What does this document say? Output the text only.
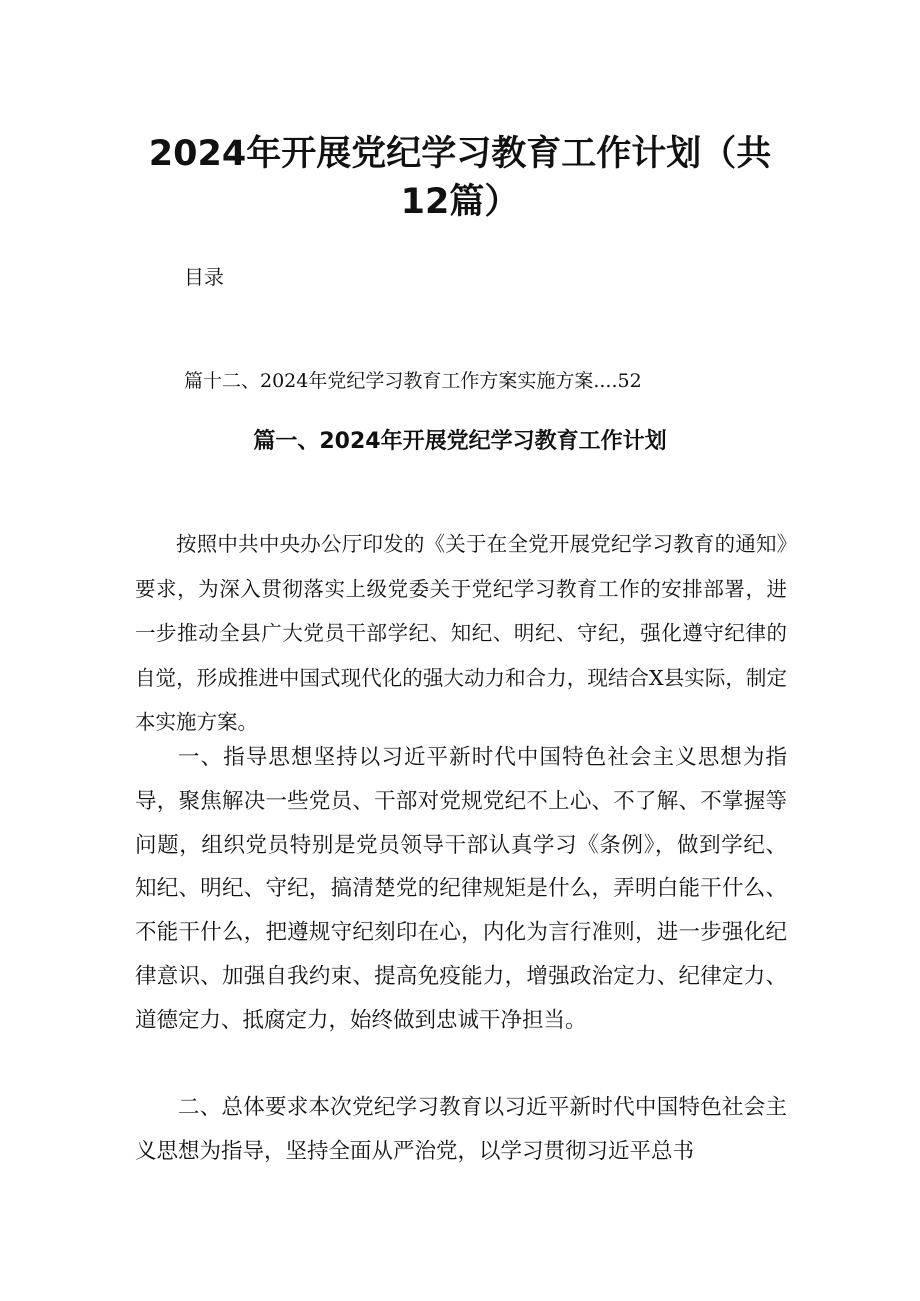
2024年开展党纪学习教育工作计划（共12篇）
目录
篇十二、2024年党纪学习教育工作方案实施方案....52
篇一、2024年开展党纪学习教育工作计划

按照中共中央办公厅印发的《关于在全党开展党纪学习教育的通知》要求，为深入贯彻落实上级党委关于党纪学习教育工作的安排部署，进一步推动全县广大党员干部学纪、知纪、明纪、守纪，强化遵守纪律的自觉，形成推进中国式现代化的强大动力和合力，现结合X县实际，制定本实施方案。

一、指导思想坚持以习近平新时代中国特色社会主义思想为指导，聚焦解决一些党员、干部对党规党纪不上心、不了解、不掌握等问题，组织党员特别是党员领导干部认真学习《条例》，做到学纪、知纪、明纪、守纪，搞清楚党的纪律规矩是什么，弄明白能干什么、不能干什么，把遵规守纪刻印在心，内化为言行准则，进一步强化纪律意识、加强自我约束、提高免疫能力，增强政治定力、纪律定力、道德定力、抵腐定力，始终做到忠诚干净担当。

二、总体要求本次党纪学习教育以习近平新时代中国特色社会主义思想为指导，坚持全面从严治党，以学习贯彻习近平总书
